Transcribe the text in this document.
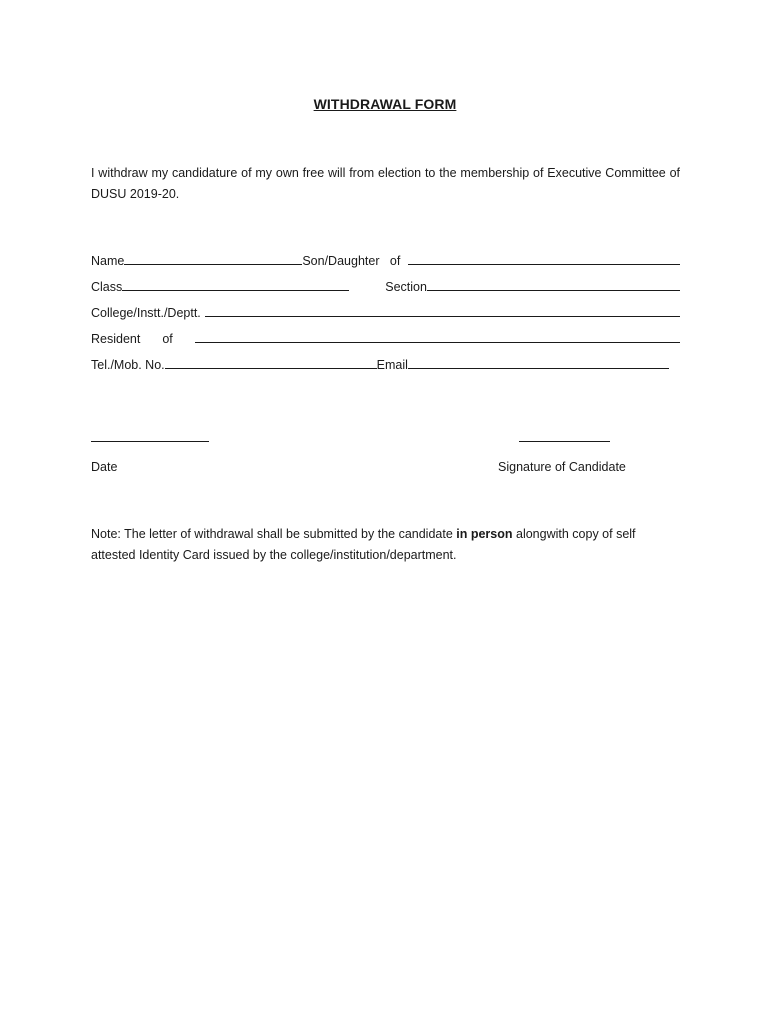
WITHDRAWAL FORM
I withdraw my candidature of my own free will from election to the membership of Executive Committee of DUSU 2019-20.
Name	Son/Daughter   of
Class	Section
College/Instt./Deptt.
Resident of
Tel./Mob. No.	Email
Date	Signature of Candidate
Note: The letter of withdrawal shall be submitted by the candidate in person alongwith copy of self attested Identity Card issued by the college/institution/department.
